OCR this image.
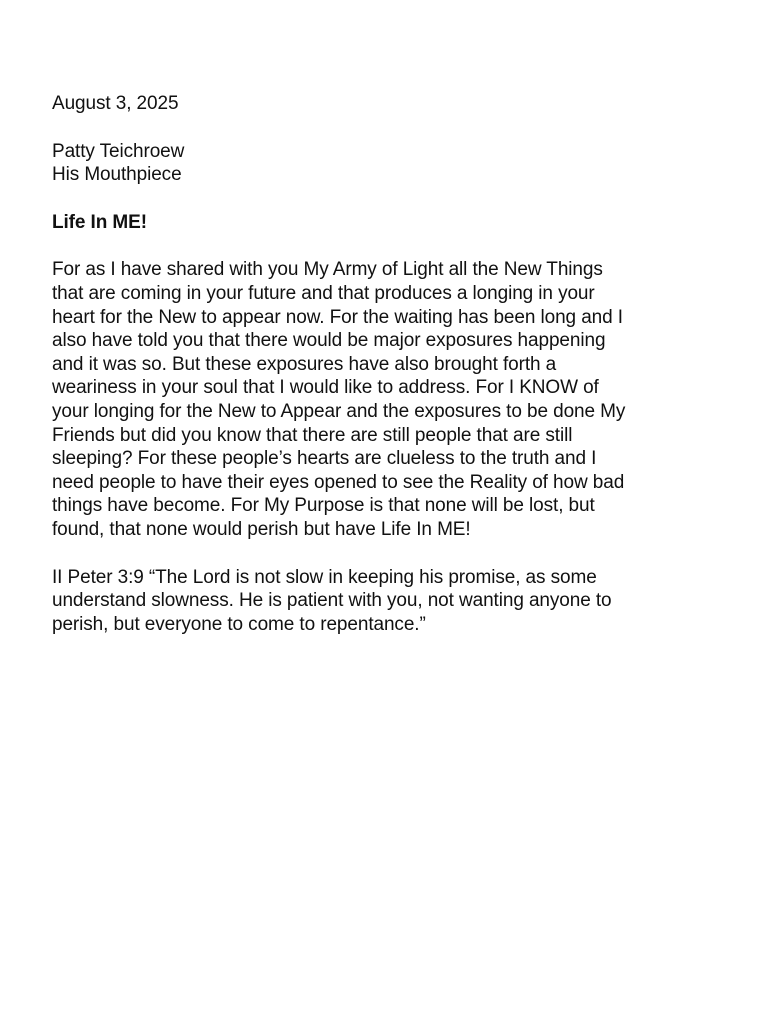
August 3, 2025
Patty Teichroew
His Mouthpiece
Life In ME!
For as I have shared with you My Army of Light all the New Things
that are coming in your future and that produces a longing in your
heart for the New to appear now. For the waiting has been long and I
also have told you that there would be major exposures happening
and it was so. But these exposures have also brought forth a
weariness in your soul that I would like to address. For I KNOW of
your longing for the New to Appear and the exposures to be done My
Friends but did you know that there are still people that are still
sleeping? For these people’s hearts are clueless to the truth and I
need people to have their eyes opened to see the Reality of how bad
things have become. For My Purpose is that none will be lost, but
found, that none would perish but have Life In ME!
II Peter 3:9 “The Lord is not slow in keeping his promise, as some
understand slowness. He is patient with you, not wanting anyone to
perish, but everyone to come to repentance.”
